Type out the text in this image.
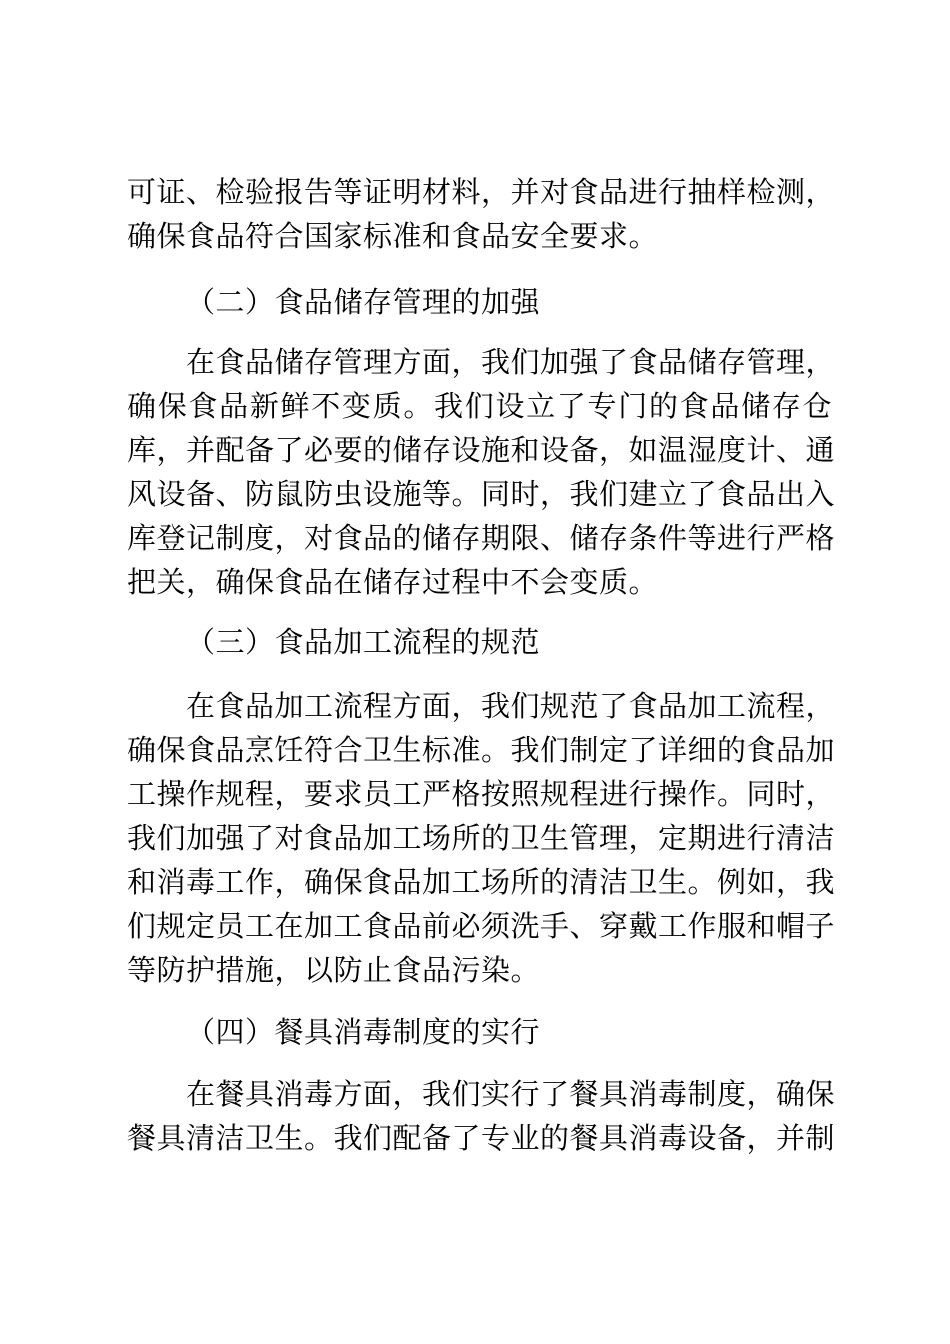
可证、检验报告等证明材料，并对食品进行抽样检测，
确保食品符合国家标准和食品安全要求。
（二）食品储存管理的加强
在食品储存管理方面，我们加强了食品储存管理，
确保食品新鲜不变质。我们设立了专门的食品储存仓
库，并配备了必要的储存设施和设备，如温湿度计、通
风设备、防鼠防虫设施等。同时，我们建立了食品出入
库登记制度，对食品的储存期限、储存条件等进行严格
把关，确保食品在储存过程中不会变质。
（三）食品加工流程的规范
在食品加工流程方面，我们规范了食品加工流程，
确保食品烹饪符合卫生标准。我们制定了详细的食品加
工操作规程，要求员工严格按照规程进行操作。同时，
我们加强了对食品加工场所的卫生管理，定期进行清洁
和消毒工作，确保食品加工场所的清洁卫生。例如，我
们规定员工在加工食品前必须洗手、穿戴工作服和帽子
等防护措施，以防止食品污染。
（四）餐具消毒制度的实行
在餐具消毒方面，我们实行了餐具消毒制度，确保
餐具清洁卫生。我们配备了专业的餐具消毒设备，并制
